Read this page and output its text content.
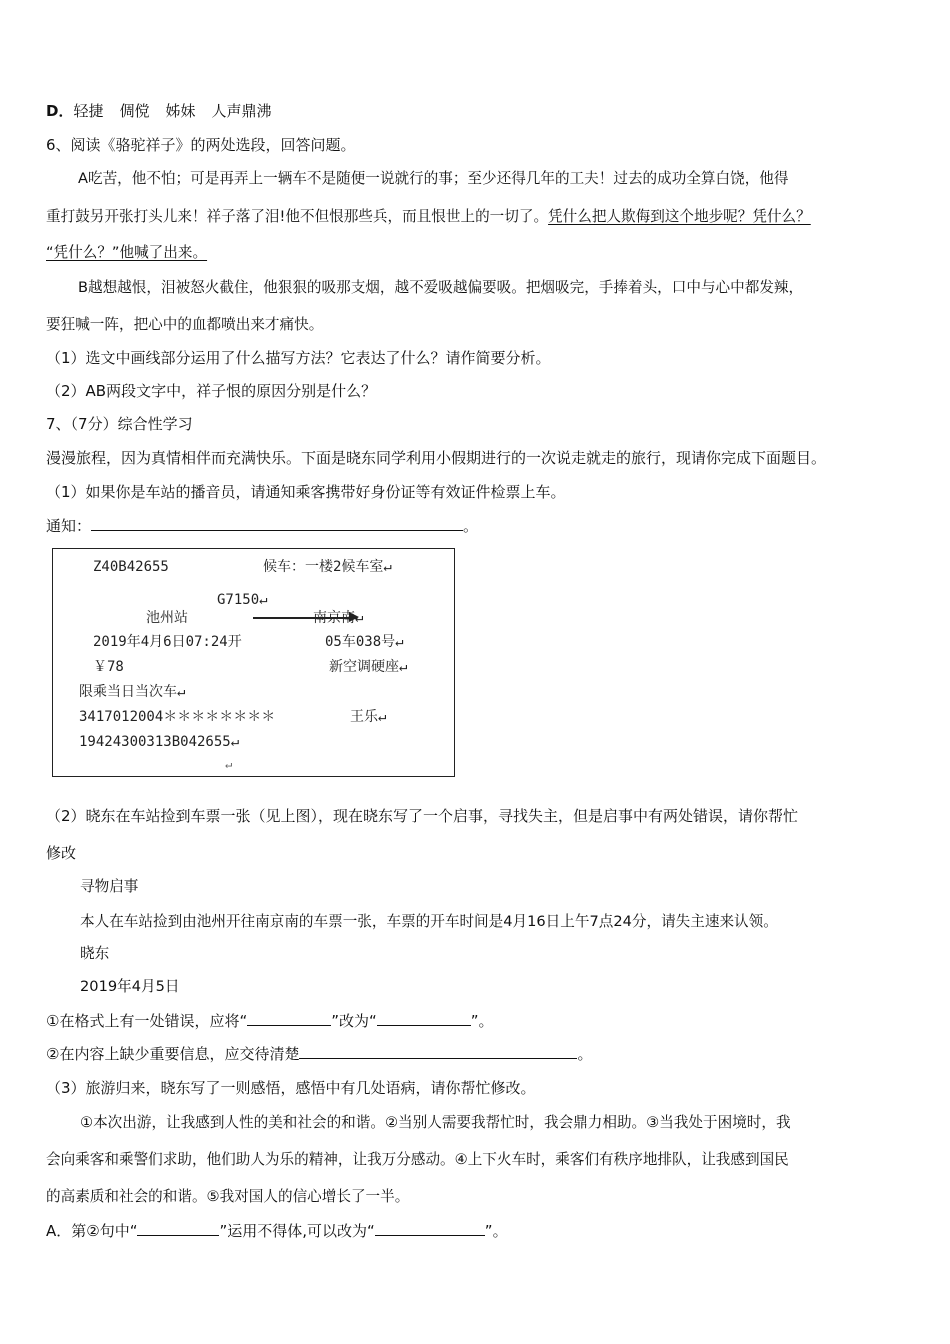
D．轻捷 倜傥 姊妹 人声鼎沸
6、阅读《骆驼祥子》的两处选段，回答问题。
A吃苦，他不怕；可是再弄上一辆车不是随便一说就行的事；至少还得几年的工夫！过去的成功全算白饶，他得
重打鼓另开张打头儿来！祥子落了泪!他不但恨那些兵，而且恨世上的一切了。凭什么把人欺侮到这个地步呢？凭什么？
“凭什么？”他喊了出来。
B越想越恨，泪被怒火截住，他狠狠的吸那支烟，越不爱吸越偏要吸。把烟吸完，手捧着头，口中与心中都发辣，
要狂喊一阵，把心中的血都喷出来才痛快。
（1）选文中画线部分运用了什么描写方法？它表达了什么？请作简要分析。
（2）AB两段文字中，祥子恨的原因分别是什么？
7、（7分）综合性学习
漫漫旅程，因为真情相伴而充满快乐。下面是晓东同学利用小假期进行的一次说走就走的旅行，现请你完成下面题目。
（1）如果你是车站的播音员，请通知乘客携带好身份证等有效证件检票上车。
通知：	。
Z40B42655	候车：一楼2候车室↵
G7150↵
池州站	南京南↵
2019年4月6日07:24开	05车038号↵
￥78	新空调硬座↵
限乘当日当次车↵
3417012004＊＊＊＊＊＊＊＊	王乐↵
19424300313B042655↵
↵
（2）晓东在车站捡到车票一张（见上图），现在晓东写了一个启事，寻找失主，但是启事中有两处错误，请你帮忙
修改
寻物启事
本人在车站捡到由池州开往南京南的车票一张，车票的开车时间是4月16日上午7点24分，请失主速来认领。
晓东
2019年4月5日
①在格式上有一处错误，应将“	”改为“	”。
②在内容上缺少重要信息，应交待清楚	。
（3）旅游归来，晓东写了一则感悟，感悟中有几处语病，请你帮忙修改。
①本次出游，让我感到人性的美和社会的和谐。②当别人需要我帮忙时，我会鼎力相助。③当我处于困境时，我
会向乘客和乘警们求助，他们助人为乐的精神，让我万分感动。④上下火车时，乘客们有秩序地排队，让我感到国民
的高素质和社会的和谐。⑤我对国人的信心增长了一半。
A．第②句中“	”运用不得体,可以改为“	”。
